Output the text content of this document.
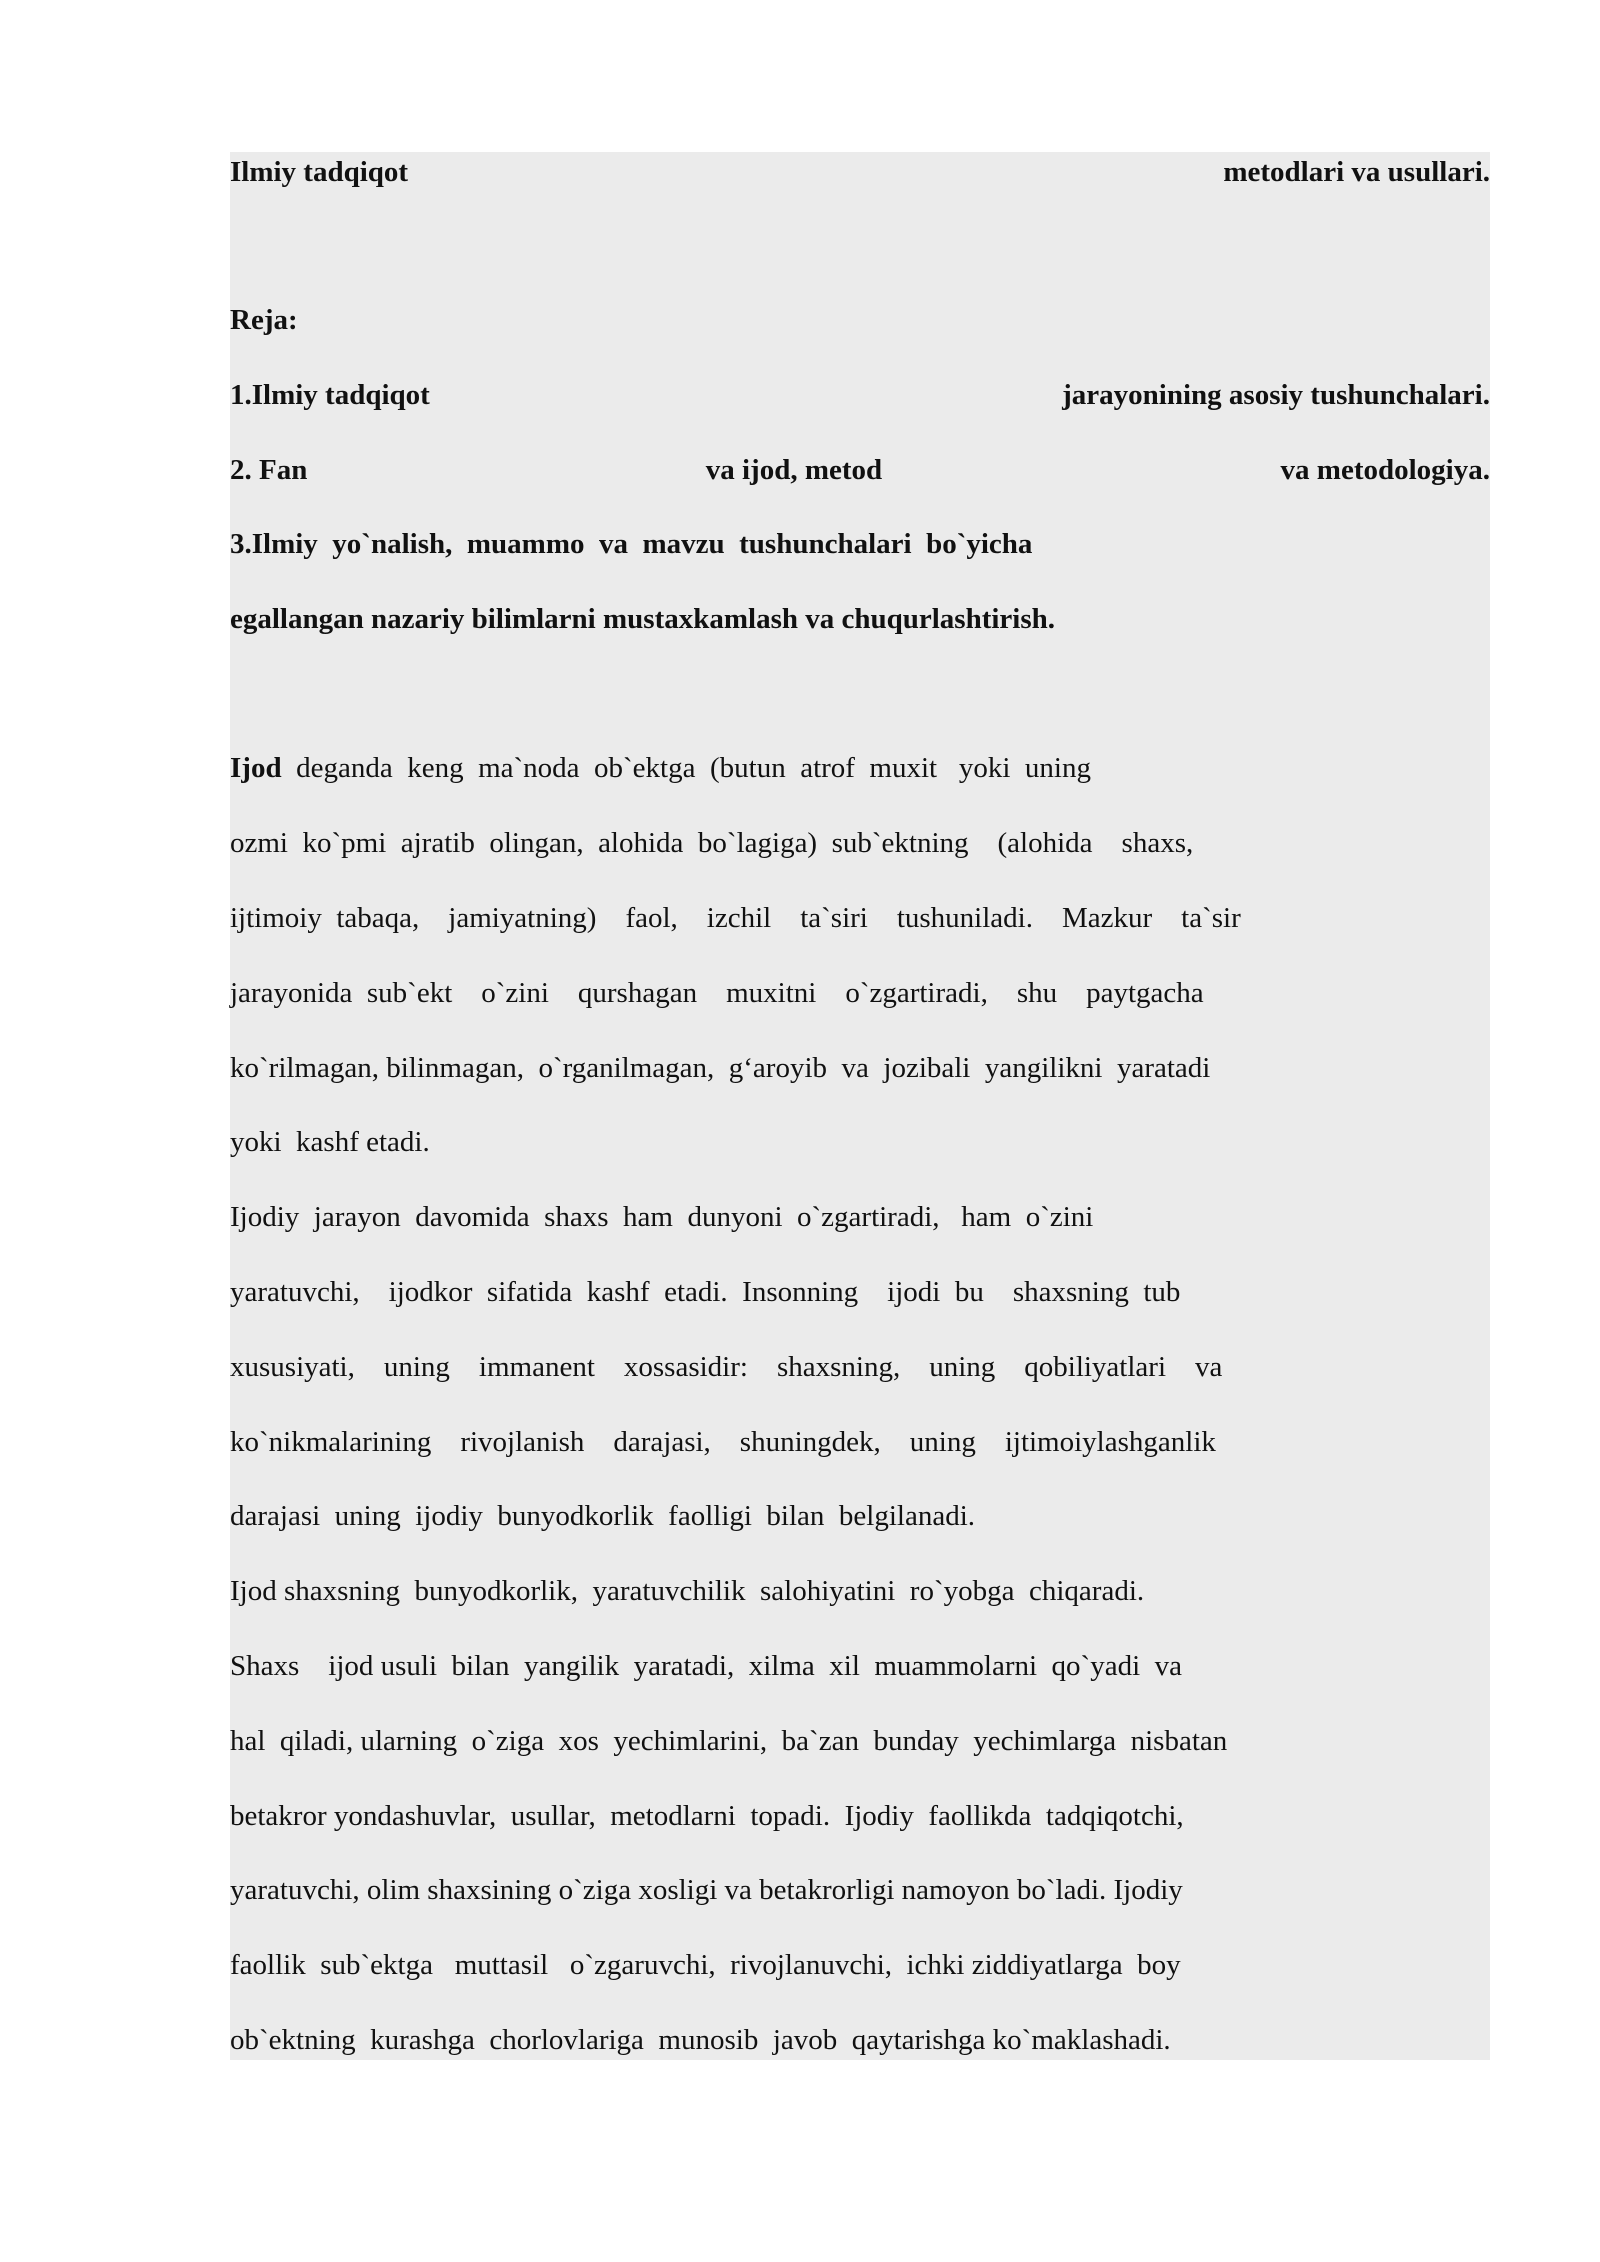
Ilmiy tadqiqot	metodlari va usullari.
Reja:
1.Ilmiy tadqiqot	jarayonining asosiy tushunchalari.
2. Fan	va ijod, metod	va metodologiya.
3.Ilmiy  yo`nalish,  muammo  va  mavzu  tushunchalari  bo`yicha
egallangan nazariy bilimlarni mustaxkamlash va chuqurlashtirish.
Ijod  deganda  keng  ma`noda  ob`ektga  (butun  atrof  muxit   yoki  uning
ozmi  ko`pmi  ajratib  olingan,  alohida  bo`lagiga)  sub`ektning    (alohida    shaxs,
ijtimoiy  tabaqa,    jamiyatning)    faol,    izchil    ta`siri    tushuniladi.    Mazkur    ta`sir
jarayonida  sub`ekt    o`zini    qurshagan    muxitni    o`zgartiradi,    shu    paytgacha
ko`rilmagan, bilinmagan,  o`rganilmagan,  g‘aroyib  va  jozibali  yangilikni  yaratadi
yoki  kashf etadi.
Ijodiy  jarayon  davomida  shaxs  ham  dunyoni  o`zgartiradi,   ham  o`zini
yaratuvchi,    ijodkor  sifatida  kashf  etadi.  Insonning    ijodi  bu    shaxsning  tub
xususiyati,    uning    immanent    xossasidir:    shaxsning,    uning    qobiliyatlari    va
ko`nikmalarining    rivojlanish    darajasi,    shuningdek,    uning    ijtimoiylashganlik
darajasi  uning  ijodiy  bunyodkorlik  faolligi  bilan  belgilanadi.
Ijod shaxsning  bunyodkorlik,  yaratuvchilik  salohiyatini  ro`yobga  chiqaradi.
Shaxs    ijod usuli  bilan  yangilik  yaratadi,  xilma  xil  muammolarni  qo`yadi  va
hal  qiladi, ularning  o`ziga  xos  yechimlarini,  ba`zan  bunday  yechimlarga  nisbatan
betakror yondashuvlar,  usullar,  metodlarni  topadi.  Ijodiy  faollikda  tadqiqotchi,
yaratuvchi, olim shaxsining o`ziga xosligi va betakrorligi namoyon bo`ladi. Ijodiy
faollik  sub`ektga   muttasil   o`zgaruvchi,  rivojlanuvchi,  ichki ziddiyatlarga  boy
ob`ektning  kurashga  chorlovlariga  munosib  javob  qaytarishga ko`maklashadi.
